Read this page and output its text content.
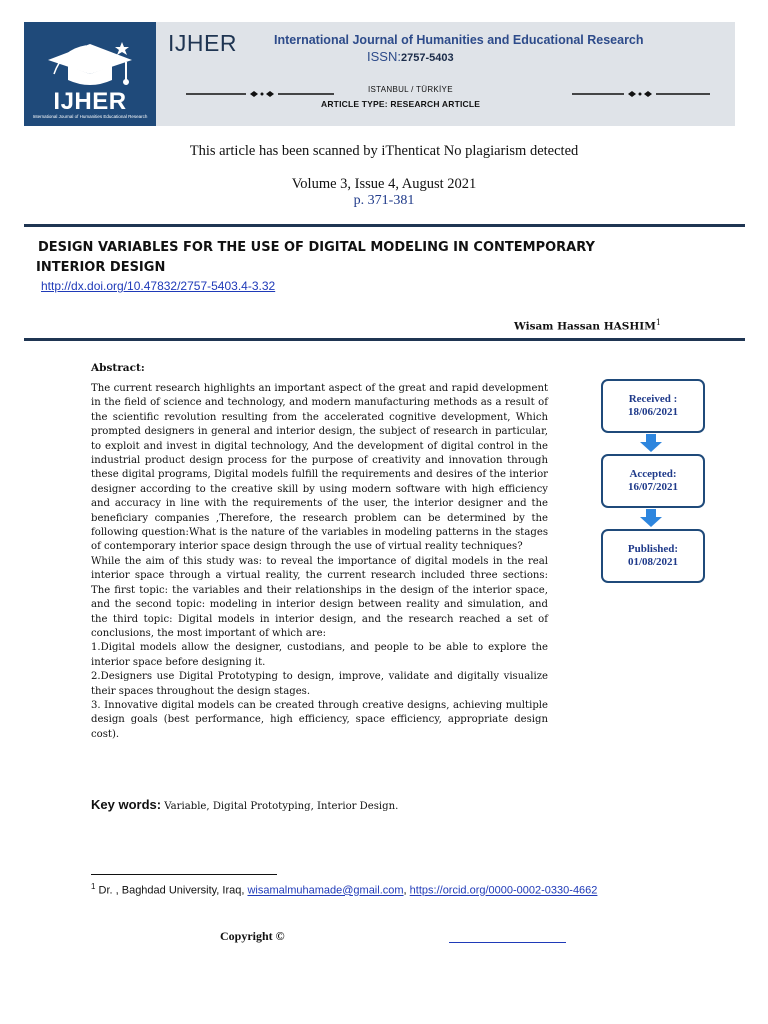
IJHER
International Journal of Humanities Educational Research
IJHER	International Journal of Humanities and Educational Research
ISSN:2757-5403
ISTANBUL / TÜRKİYE
ARTICLE TYPE: RESEARCH ARTICLE
This article has been scanned by iThenticat No plagiarism detected
Volume 3, Issue 4, August 2021
p. 371-381
DESIGN VARIABLES FOR THE USE OF DIGITAL MODELING IN CONTEMPORARY
INTERIOR DESIGN
http://dx.doi.org/10.47832/2757-5403.4-3.32
Wisam Hassan HASHIM$^1$
Abstract:

The current research highlights an important aspect of the great and rapid development in the field of science and technology, and modern manufacturing methods as a result of the scientific revolution resulting from the accelerated cognitive development, Which prompted designers in general and interior design, the subject of research in particular, to exploit and invest in digital technology, And the development of digital control in the industrial product design process for the purpose of creativity and innovation through these digital programs, Digital models fulfill the requirements and desires of the interior designer according to the creative skill by using modern software with high efficiency and accuracy in line with the requirements of the user, the interior designer and the beneficiary companies ,Therefore, the research problem can be determined by the following question:What is the nature of the variables in modeling patterns in the stages of contemporary interior space design through the use of virtual reality techniques?

While the aim of this study was: to reveal the importance of digital models in the real interior space through a virtual reality, the current research included three sections: The first topic: the variables and their relationships in the design of the interior space, and the second topic: modeling in interior design between reality and simulation, and the third topic: Digital models in interior design, and the research reached a set of conclusions, the most important of which are:

1.Digital models allow the designer, custodians, and people to be able to explore the interior space before designing it.

2.Designers use Digital Prototyping to design, improve, validate and digitally visualize their spaces throughout the design stages.

3. Innovative digital models can be created through creative designs, achieving multiple design goals (best performance, high efficiency, space efficiency, appropriate design cost).

Key words: Variable, Digital Prototyping, Interior Design.
Received :
18/06/2021
Accepted:
16/07/2021
Published:
01/08/2021
$^1$ Dr. , Baghdad University, Iraq, wisamalmuhamade@gmail.com, https://orcid.org/0000-0002-0330-4662
Copyright ©
